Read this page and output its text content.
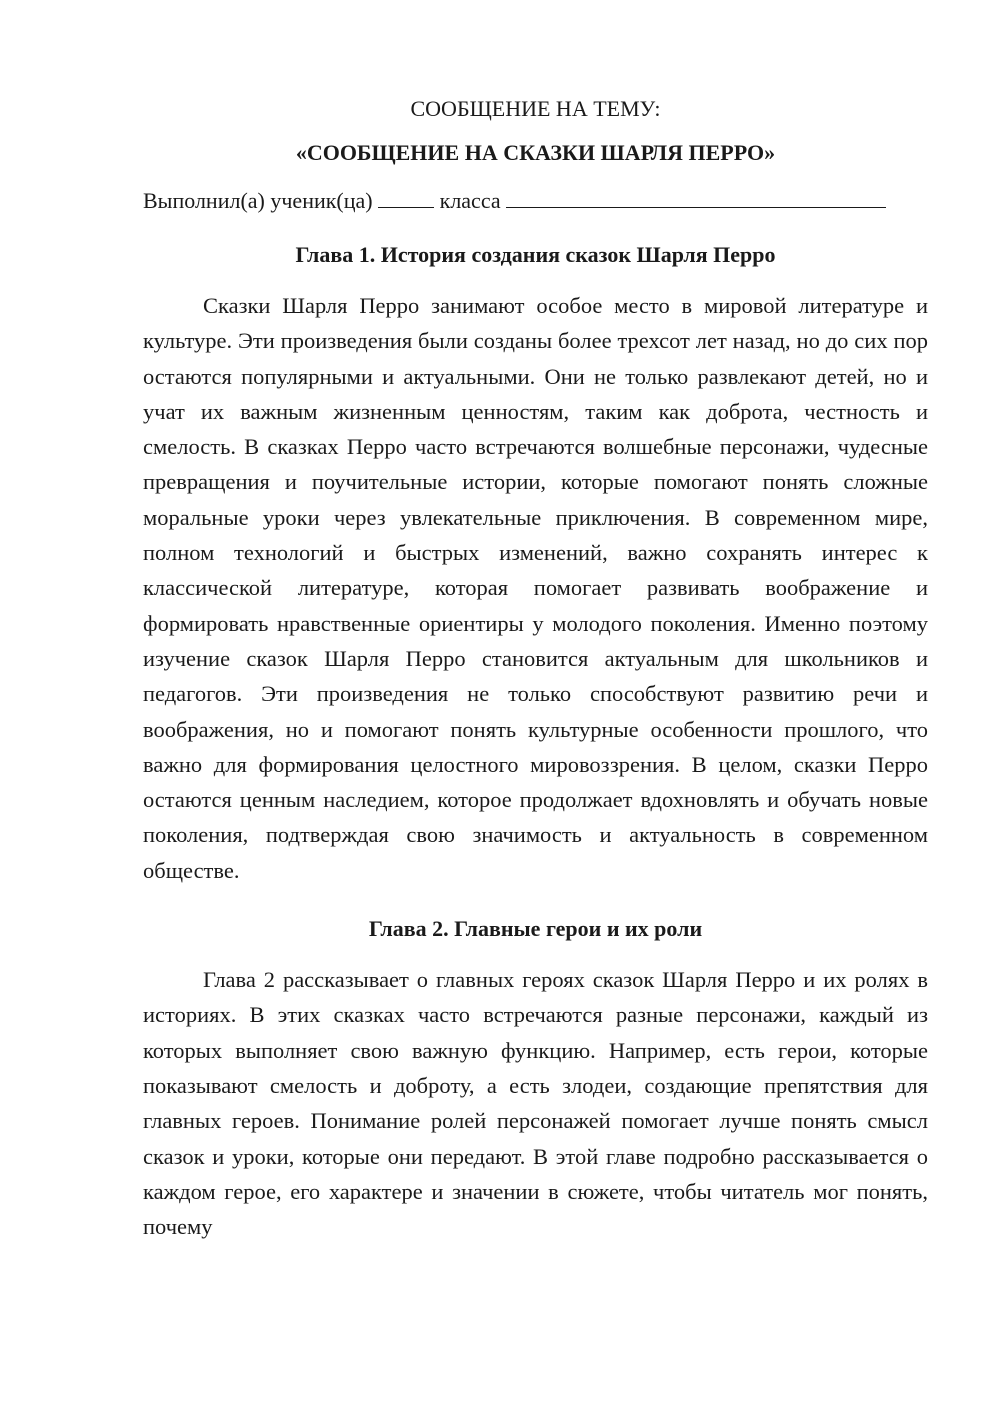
СООБЩЕНИЕ НА ТЕМУ:

«СООБЩЕНИЕ НА СКАЗКИ ШАРЛЯ ПЕРРО»

Выполнил(а) ученик(ца)	класса
Глава 1. История создания сказок Шарля Перро

Сказки Шарля Перро занимают особое место в мировой литературе и культуре. Эти произведения были созданы более трехсот лет назад, но до сих пор остаются популярными и актуальными. Они не только развлекают детей, но и учат их важным жизненным ценностям, таким как доброта, честность и смелость. В сказках Перро часто встречаются волшебные персонажи, чудесные превращения и поучительные истории, которые помогают понять сложные моральные уроки через увлекательные приключения. В современном мире, полном технологий и быстрых изменений, важно сохранять интерес к классической литературе, которая помогает развивать воображение и формировать нравственные ориентиры у молодого поколения. Именно поэтому изучение сказок Шарля Перро становится актуальным для школьников и педагогов. Эти произведения не только способствуют развитию речи и воображения, но и помогают понять культурные особенности прошлого, что важно для формирования целостного мировоззрения. В целом, сказки Перро остаются ценным наследием, которое продолжает вдохновлять и обучать новые поколения, подтверждая свою значимость и актуальность в современном обществе.

Глава 2. Главные герои и их роли

Глава 2 рассказывает о главных героях сказок Шарля Перро и их ролях в историях. В этих сказках часто встречаются разные персонажи, каждый из которых выполняет свою важную функцию. Например, есть герои, которые показывают смелость и доброту, а есть злодеи, создающие препятствия для главных героев. Понимание ролей персонажей помогает лучше понять смысл сказок и уроки, которые они передают. В этой главе подробно рассказывается о каждом герое, его характере и значении в сюжете, чтобы читатель мог понять, почему
